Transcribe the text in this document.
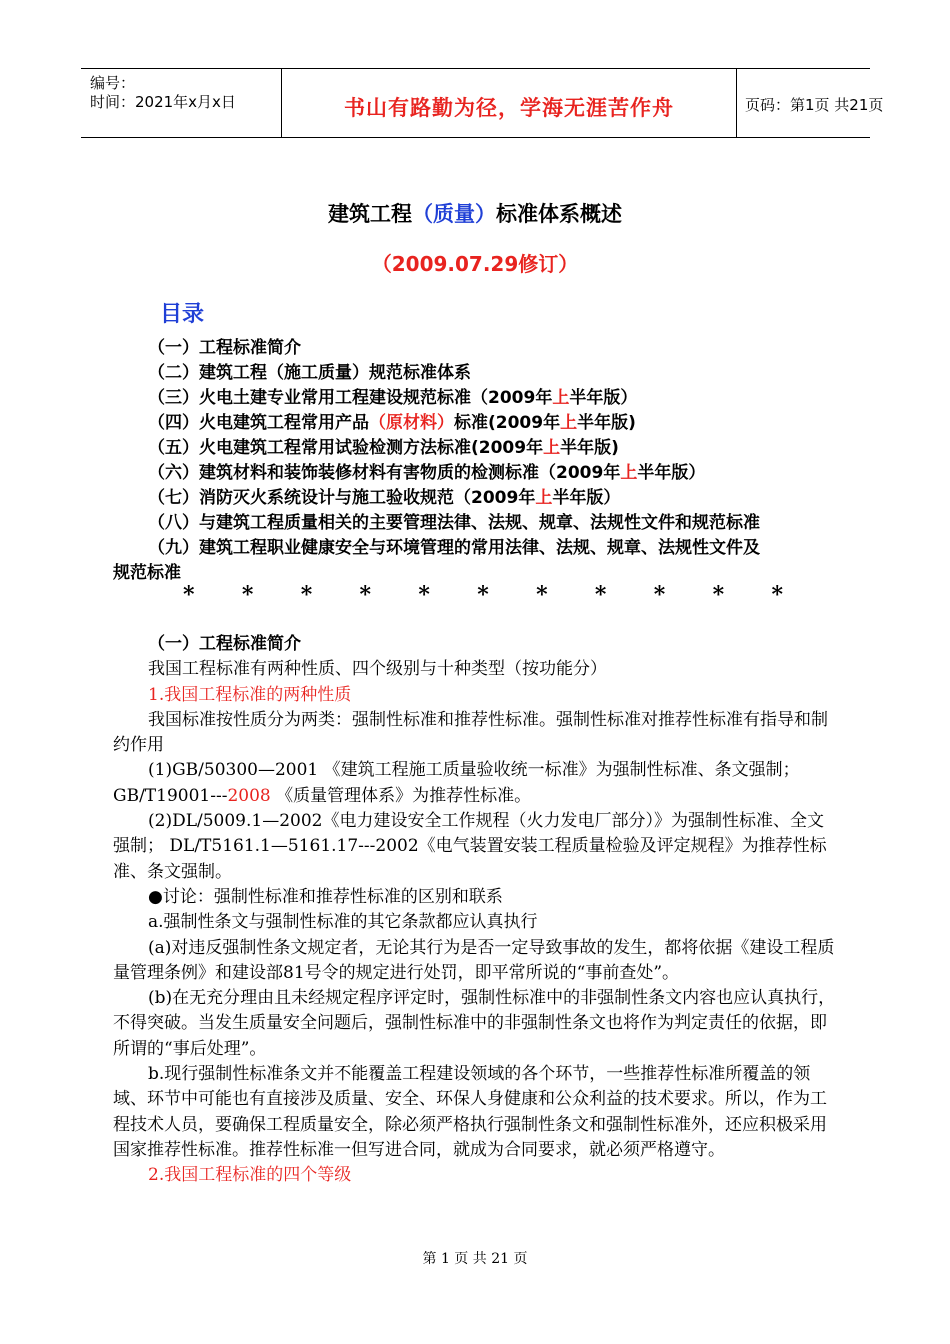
编号：
时间：2021年x月x日	书山有路勤为径，学海无涯苦作舟	页码：第1页 共21页
建筑工程（质量）标准体系概述
（2009.07.29修订）
目录
（一）工程标准简介
（二）建筑工程（施工质量）规范标准体系
（三）火电土建专业常用工程建设规范标准（2009年上半年版）
（四）火电建筑工程常用产品（原材料）标准(2009年上半年版)
（五）火电建筑工程常用试验检测方法标准(2009年上半年版)
（六）建筑材料和装饰装修材料有害物质的检测标准（2009年上半年版）
（七）消防灭火系统设计与施工验收规范（2009年上半年版）
（八）与建筑工程质量相关的主要管理法律、法规、规章、法规性文件和规范标准
（九）建筑工程职业健康安全与环境管理的常用法律、法规、规章、法规性文件及
规范标准
* * * * * * * * * * *

（一）工程标准简介

我国工程标准有两种性质、四个级别与十种类型（按功能分）

1.我国工程标准的两种性质

我国标准按性质分为两类：强制性标准和推荐性标准。强制性标准对推荐性标准有指导和制约作用

(1)GB/50300—2001 《建筑工程施工质量验收统一标准》为强制性标准、条文强制； GB/T19001---2008 《质量管理体系》为推荐性标准。

(2)DL/5009.1—2002《电力建设安全工作规程（火力发电厂部分）》为强制性标准、全文强制； DL/T5161.1—5161.17---2002《电气装置安装工程质量检验及评定规程》为推荐性标准、条文强制。

●讨论：强制性标准和推荐性标准的区别和联系

a.强制性条文与强制性标准的其它条款都应认真执行

(a)对违反强制性条文规定者，无论其行为是否一定导致事故的发生，都将依据《建设工程质量管理条例》和建设部81号令的规定进行处罚，即平常所说的“事前查处”。

(b)在无充分理由且未经规定程序评定时，强制性标准中的非强制性条文内容也应认真执行，不得突破。当发生质量安全问题后，强制性标准中的非强制性条文也将作为判定责任的依据，即所谓的“事后处理”。

b.现行强制性标准条文并不能覆盖工程建设领域的各个环节，一些推荐性标准所覆盖的领域、环节中可能也有直接涉及质量、安全、环保人身健康和公众利益的技术要求。所以，作为工程技术人员，要确保工程质量安全，除必须严格执行强制性条文和强制性标准外，还应积极采用国家推荐性标准。推荐性标准一但写进合同，就成为合同要求，就必须严格遵守。

2.我国工程标准的四个等级

第 1 页 共 21 页
